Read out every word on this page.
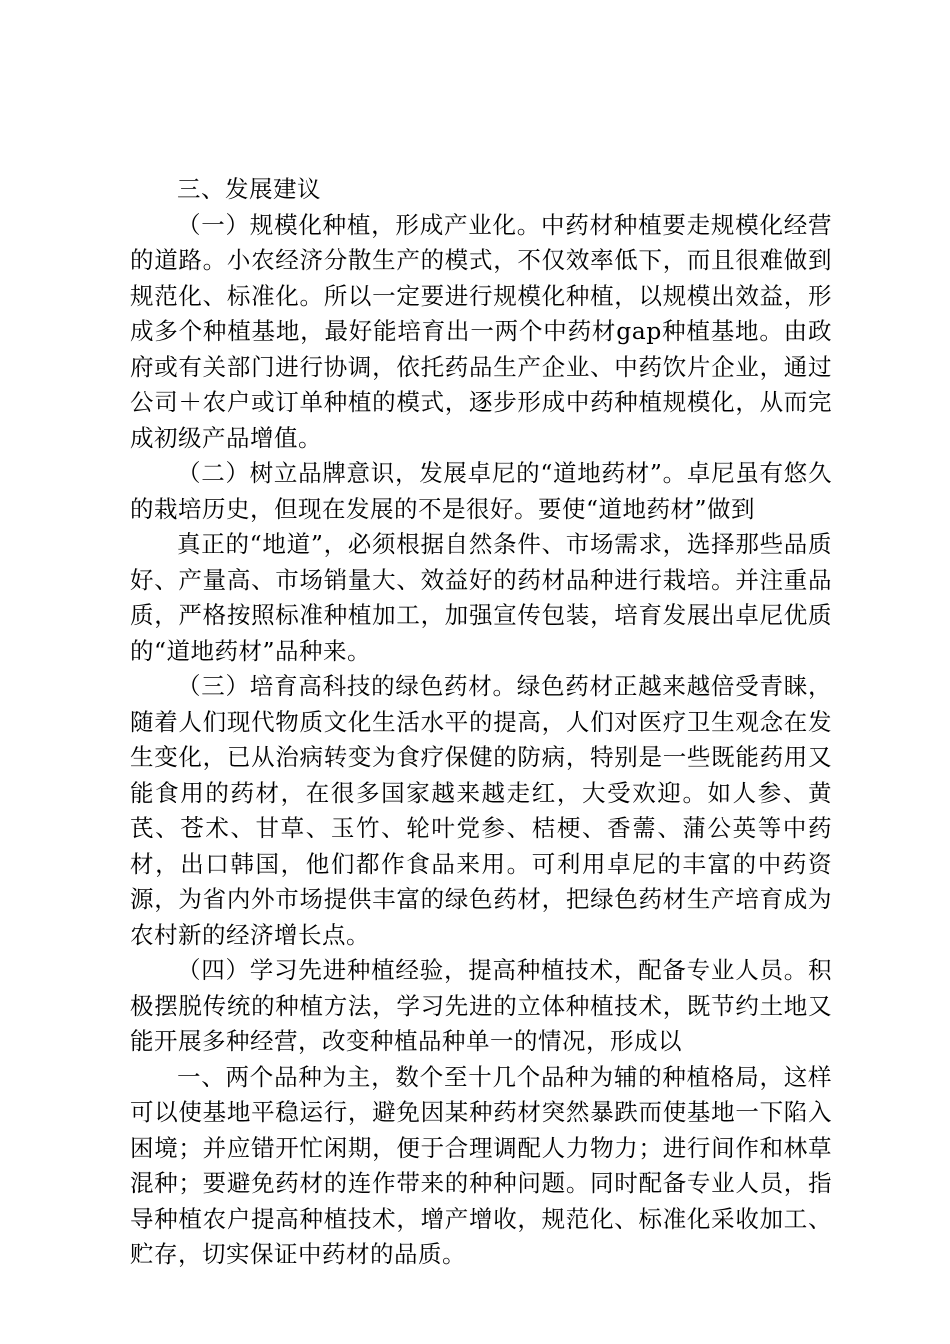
三、发展建议

（一）规模化种植，形成产业化。中药材种植要走规模化经营的道路。小农经济分散生产的模式，不仅效率低下，而且很难做到规范化、标准化。所以一定要进行规模化种植，以规模出效益，形成多个种植基地，最好能培育出一两个中药材gap种植基地。由政府或有关部门进行协调，依托药品生产企业、中药饮片企业，通过公司＋农户或订单种植的模式，逐步形成中药种植规模化，从而完成初级产品增值。

（二）树立品牌意识，发展卓尼的“道地药材”。卓尼虽有悠久的栽培历史，但现在发展的不是很好。要使“道地药材”做到

真正的“地道”，必须根据自然条件、市场需求，选择那些品质好、产量高、市场销量大、效益好的药材品种进行栽培。并注重品质，严格按照标准种植加工，加强宣传包装，培育发展出卓尼优质的“道地药材”品种来。

（三）培育高科技的绿色药材。绿色药材正越来越倍受青睐，随着人们现代物质文化生活水平的提高，人们对医疗卫生观念在发生变化，已从治病转变为食疗保健的防病，特别是一些既能药用又能食用的药材，在很多国家越来越走红，大受欢迎。如人参、黄芪、苍术、甘草、玉竹、轮叶党参、桔梗、香薷、蒲公英等中药材，出口韩国，他们都作食品来用。可利用卓尼的丰富的中药资源，为省内外市场提供丰富的绿色药材，把绿色药材生产培育成为农村新的经济增长点。

（四）学习先进种植经验，提高种植技术，配备专业人员。积极摆脱传统的种植方法，学习先进的立体种植技术，既节约土地又能开展多种经营，改变种植品种单一的情况，形成以

一、两个品种为主，数个至十几个品种为辅的种植格局，这样可以使基地平稳运行，避免因某种药材突然暴跌而使基地一下陷入困境；并应错开忙闲期，便于合理调配人力物力；进行间作和林草混种；要避免药材的连作带来的种种问题。同时配备专业人员，指导种植农户提高种植技术，增产增收，规范化、标准化采收加工、贮存，切实保证中药材的品质。
